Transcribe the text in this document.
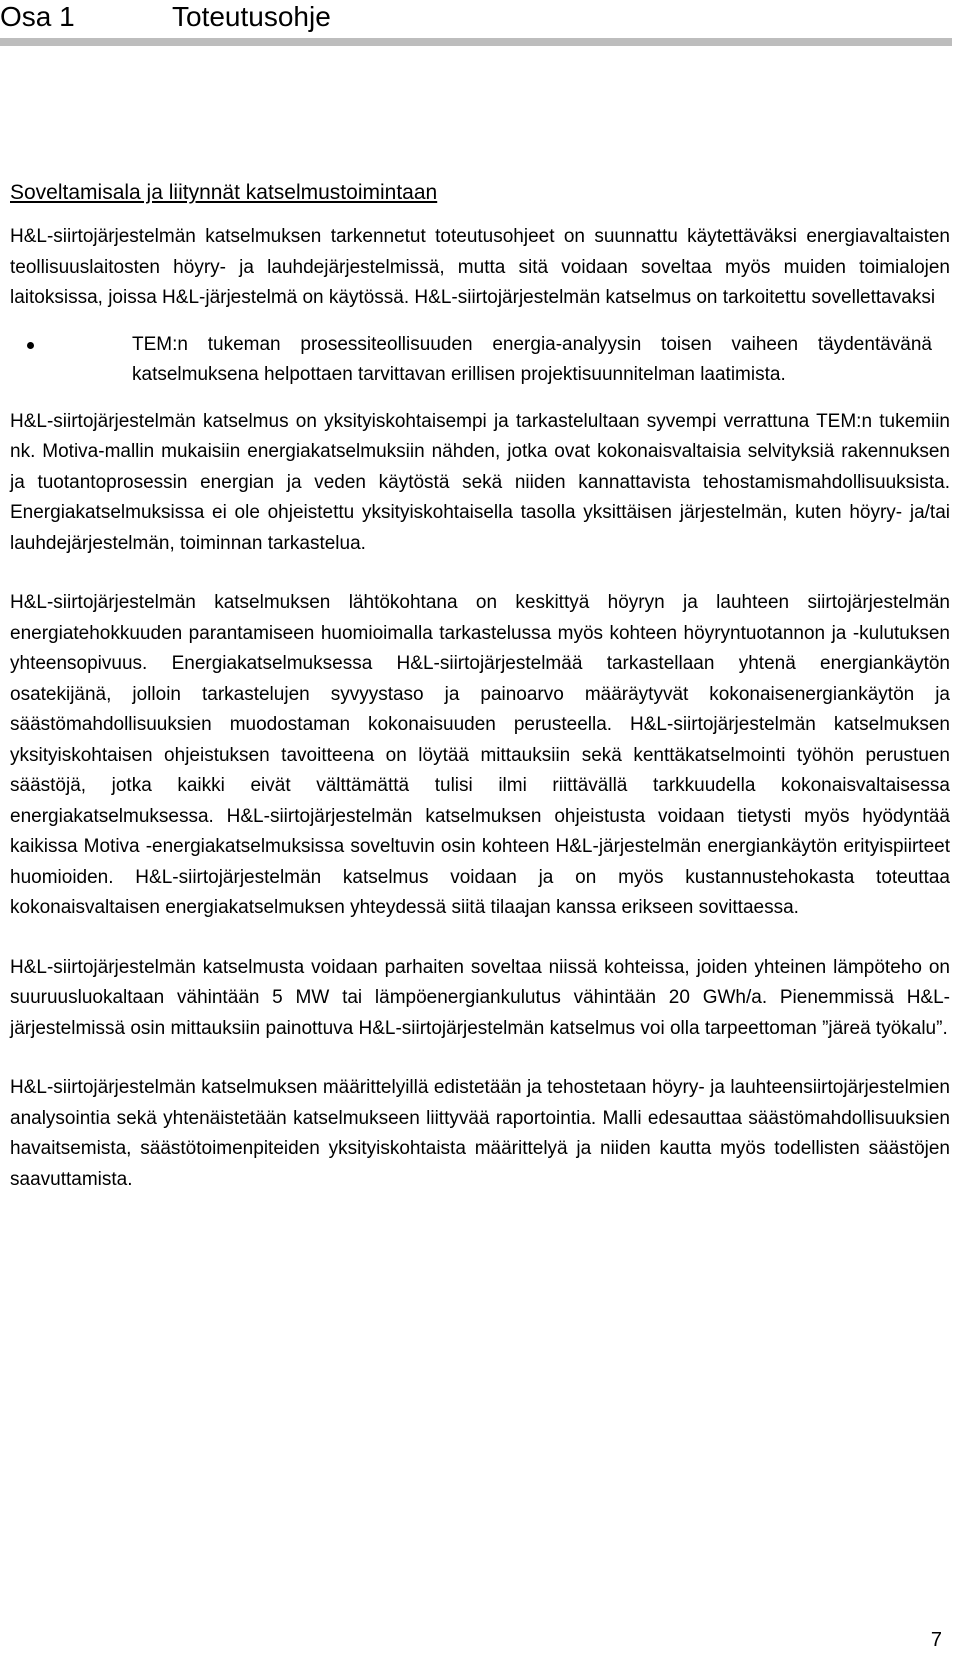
Osa 1	Toteutusohje
Soveltamisala ja liitynnät katselmustoimintaan

H&L-siirtojärjestelmän katselmuksen tarkennetut toteutusohjeet on suunnattu käytettäväksi energiavaltaisten teollisuuslaitosten höyry- ja lauhdejärjestelmissä, mutta sitä voidaan soveltaa myös muiden toimialojen laitoksissa, joissa H&L-järjestelmä on käytössä. H&L-siirtojärjestelmän katselmus on tarkoitettu sovellettavaksi

TEM:n tukeman prosessiteollisuuden energia-analyysin toisen vaiheen täydentävänä katselmuksena helpottaen tarvittavan erillisen projektisuunnitelman laatimista.

H&L-siirtojärjestelmän katselmus on yksityiskohtaisempi ja tarkastelultaan syvempi verrattuna TEM:n tukemiin nk. Motiva-mallin mukaisiin energiakatselmuksiin nähden, jotka ovat kokonaisvaltaisia selvityksiä rakennuksen ja tuotantoprosessin energian ja veden käytöstä sekä niiden kannattavista tehostamismahdollisuuksista. Energiakatselmuksissa ei ole ohjeistettu yksityiskohtaisella tasolla yksittäisen järjestelmän, kuten höyry- ja/tai lauhdejärjestelmän, toiminnan tarkastelua.

H&L-siirtojärjestelmän katselmuksen lähtökohtana on keskittyä höyryn ja lauhteen siirtojärjestelmän energiatehokkuuden parantamiseen huomioimalla tarkastelussa myös kohteen höyryntuotannon ja -kulutuksen yhteensopivuus. Energiakatselmuksessa H&L-siirtojärjestelmää tarkastellaan yhtenä energiankäytön osatekijänä, jolloin tarkastelujen syvyystaso ja painoarvo määräytyvät kokonaisenergiankäytön ja säästömahdollisuuksien muodostaman kokonaisuuden perusteella. H&L-siirtojärjestelmän katselmuksen yksityiskohtaisen ohjeistuksen tavoitteena on löytää mittauksiin sekä kenttäkatselmointi työhön perustuen säästöjä, jotka kaikki eivät välttämättä tulisi ilmi riittävällä tarkkuudella kokonaisvaltaisessa energiakatselmuksessa. H&L-siirtojärjestelmän katselmuksen ohjeistusta voidaan tietysti myös hyödyntää kaikissa Motiva -energiakatselmuksissa soveltuvin osin kohteen H&L-järjestelmän energiankäytön erityispiirteet huomioiden. H&L-siirtojärjestelmän katselmus voidaan ja on myös kustannustehokasta toteuttaa kokonaisvaltaisen energiakatselmuksen yhteydessä siitä tilaajan kanssa erikseen sovittaessa.

H&L-siirtojärjestelmän katselmusta voidaan parhaiten soveltaa niissä kohteissa, joiden yhteinen lämpöteho on suuruusluokaltaan vähintään 5 MW tai lämpöenergiankulutus vähintään 20 GWh/a. Pienemmissä H&L-järjestelmissä osin mittauksiin painottuva H&L-siirtojärjestelmän katselmus voi olla tarpeettoman ”järeä työkalu”.

H&L-siirtojärjestelmän katselmuksen määrittelyillä edistetään ja tehostetaan höyry- ja lauhteensiirtojärjestelmien analysointia sekä yhtenäistetään katselmukseen liittyvää raportointia. Malli edesauttaa säästömahdollisuuksien havaitsemista, säästötoimenpiteiden yksityiskohtaista määrittelyä ja niiden kautta myös todellisten säästöjen saavuttamista.

7
